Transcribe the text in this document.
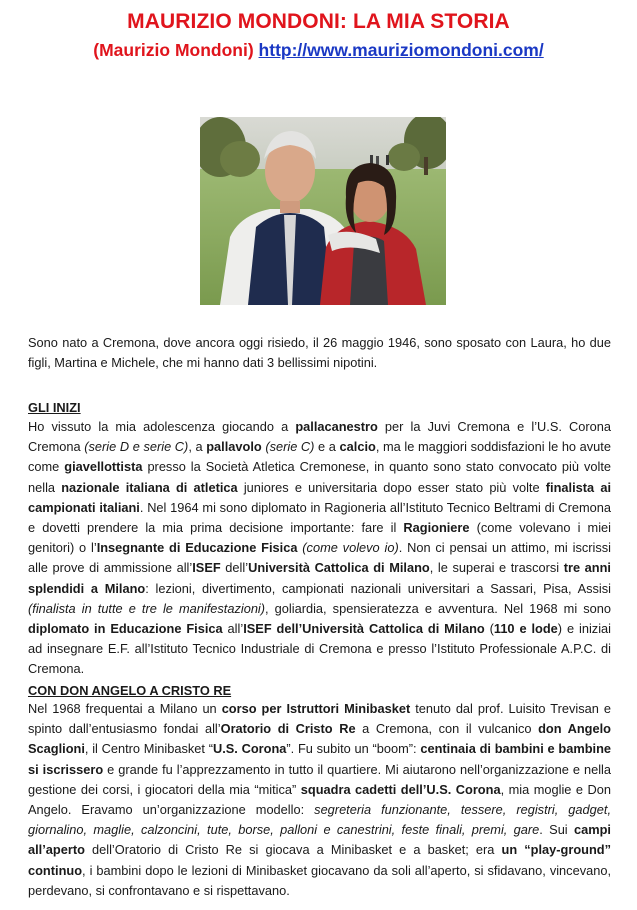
MAURIZIO MONDONI: LA MIA STORIA
(Maurizio Mondoni) http://www.mauriziomondoni.com/
Sono nato a Cremona, dove ancora oggi risiedo, il 26 maggio 1946, sono sposato con Laura, ho due figli, Martina e Michele, che mi hanno dati 3 bellissimi nipotini.
GLI INIZI
Ho vissuto la mia adolescenza giocando a pallacanestro per la Juvi Cremona e l’U.S. Corona Cremona (serie D e serie C), a pallavolo (serie C) e a calcio, ma le maggiori soddisfazioni le ho avute come giavellottista presso la Società Atletica Cremonese, in quanto sono stato convocato più volte nella nazionale italiana di atletica juniores e universitaria dopo esser stato più volte finalista ai campionati italiani. Nel 1964 mi sono diplomato in Ragioneria all’Istituto Tecnico Beltrami di Cremona e dovetti prendere la mia prima decisione importante: fare il Ragioniere (come volevano i miei genitori) o l’Insegnante di Educazione Fisica (come volevo io). Non ci pensai un attimo, mi iscrissi alle prove di ammissione all’ISEF dell’Università Cattolica di Milano, le superai e trascorsi tre anni splendidi a Milano: lezioni, divertimento, campionati nazionali universitari a Sassari, Pisa, Assisi (finalista in tutte e tre le manifestazioni), goliardia, spensieratezza e avventura. Nel 1968 mi sono diplomato in Educazione Fisica all’ISEF dell’Università Cattolica di Milano (110 e lode) e iniziai ad insegnare E.F. all’Istituto Tecnico Industriale di Cremona e presso l’Istituto Professionale A.P.C. di Cremona.
CON DON ANGELO A CRISTO RE
Nel 1968 frequentai a Milano un corso per Istruttori Minibasket tenuto dal prof. Luisito Trevisan e spinto dall’entusiasmo fondai all’Oratorio di Cristo Re a Cremona, con il vulcanico don Angelo Scaglioni, il Centro Minibasket “U.S. Corona”. Fu subito un “boom”: centinaia di bambini e bambine si iscrissero e grande fu l’apprezzamento in tutto il quartiere. Mi aiutarono nell’organizzazione e nella gestione dei corsi, i giocatori della mia “mitica” squadra cadetti dell’U.S. Corona, mia moglie e Don Angelo. Eravamo un’organizzazione modello: segreteria funzionante, tessere, registri, gadget, giornalino, maglie, calzoncini, tute, borse, palloni e canestrini, feste finali, premi, gare. Sui campi all’aperto dell’Oratorio di Cristo Re si giocava a Minibasket e a basket; era un “play-ground” continuo, i bambini dopo le lezioni di Minibasket giocavano da soli all’aperto, si sfidavano, vincevano, perdevano, si confrontavano e si rispettavano.
